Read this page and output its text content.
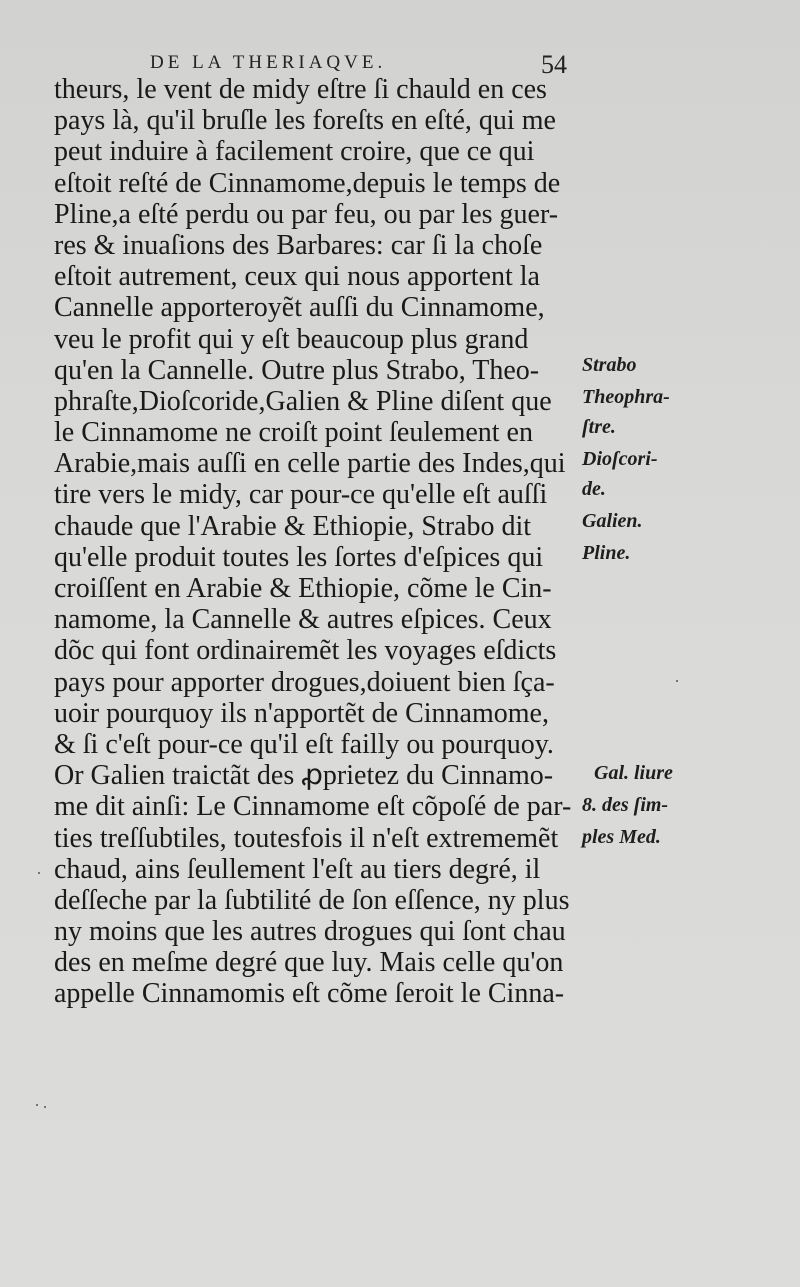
DE LA THERIAQVE.	54
theurs, le vent de midy eſtre ſi chauld en ces
pays là, qu'il bruſle les foreſts en eſté, qui me
peut induire à facilement croire, que ce qui
eſtoit reſté de Cinnamome,depuis le temps de
Pline,a eſté perdu ou par feu, ou par les guer-
res & inuaſions des Barbares: car ſi la choſe
eſtoit autrement, ceux qui nous apportent la
Cannelle apporteroyẽt auſſi du Cinnamome,
veu le profit qui y eſt beaucoup plus grand
qu'en la Cannelle. Outre plus Strabo, Theo-
phraſte,Dioſcoride,Galien & Pline diſent que
le Cinnamome ne croiſt point ſeulement en
Arabie,mais auſſi en celle partie des Indes,qui
tire vers le midy, car pour-ce qu'elle eſt auſſi
chaude que l'Arabie & Ethiopie, Strabo dit
qu'elle produit toutes les ſortes d'eſpices qui
croiſſent en Arabie & Ethiopie, cõme le Cin-
namome, la Cannelle & autres eſpices. Ceux
dõc qui font ordinairemẽt les voyages eſdicts
pays pour apporter drogues,doiuent bien ſça-
uoir pourquoy ils n'apportẽt de Cinnamome,
& ſi c'eſt pour-ce qu'il eſt failly ou pourquoy.
Or Galien traictãt des ꝓprietez du Cinnamo-
me dit ainſi: Le Cinnamome eſt cõpoſé de par-
ties treſſubtiles, toutesfois il n'eſt extrememẽt
chaud, ains ſeullement l'eſt au tiers degré, il
deſſeche par la ſubtilité de ſon eſſence, ny plus
ny moins que les autres drogues qui ſont chau
des en meſme degré que luy. Mais celle qu'on
appelle Cinnamomis eſt cõme ſeroit le Cinna-
Strabo
Theophra-
ſtre.
Dioſcori-
de.
Galien.
Pline.
Gal. liure
8. des ſim-
ples Med.
